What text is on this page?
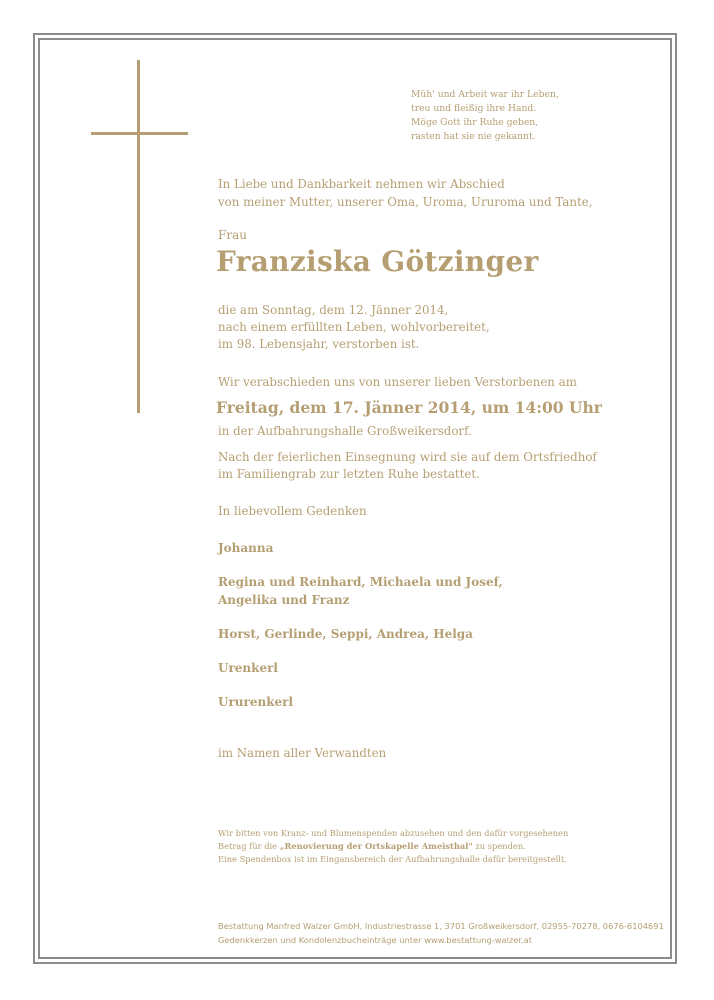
Müh' und Arbeit war ihr Leben,
treu und fleißig ihre Hand.
Möge Gott ihr Ruhe geben,
rasten hat sie nie gekannt.
In Liebe und Dankbarkeit nehmen wir Abschied
von meiner Mutter, unserer Oma, Uroma, Ururoma und Tante,
Frau
Franziska Götzinger
die am Sonntag, dem 12. Jänner 2014,
nach einem erfüllten Leben, wohlvorbereitet,
im 98. Lebensjahr, verstorben ist.
Wir verabschieden uns von unserer lieben Verstorbenen am
Freitag, dem 17. Jänner 2014, um 14:00 Uhr
in der Aufbahrungshalle Großweikersdorf.
Nach der feierlichen Einsegnung wird sie auf dem Ortsfriedhof
im Familiengrab zur letzten Ruhe bestattet.
In liebevollem Gedenken
Johanna
Regina und Reinhard, Michaela und Josef,
Angelika und Franz
Horst, Gerlinde, Seppi, Andrea, Helga
Urenkerl
Ururenkerl
im Namen aller Verwandten
Wir bitten von Kranz- und Blumenspenden abzusehen und den dafür vorgesehenen
Betrag für die „Renovierung der Ortskapelle Ameisthal" zu spenden.
Eine Spendenbox ist im Eingansbereich der Aufbahrungshalle dafür bereitgestellt.
Bestattung Manfred Walzer GmbH, Industriestrasse 1, 3701 Großweikersdorf, 02955-70278, 0676-6104691
Gedenkkerzen und Kondolenzbucheinträge unter www.bestattung-walzer.at
